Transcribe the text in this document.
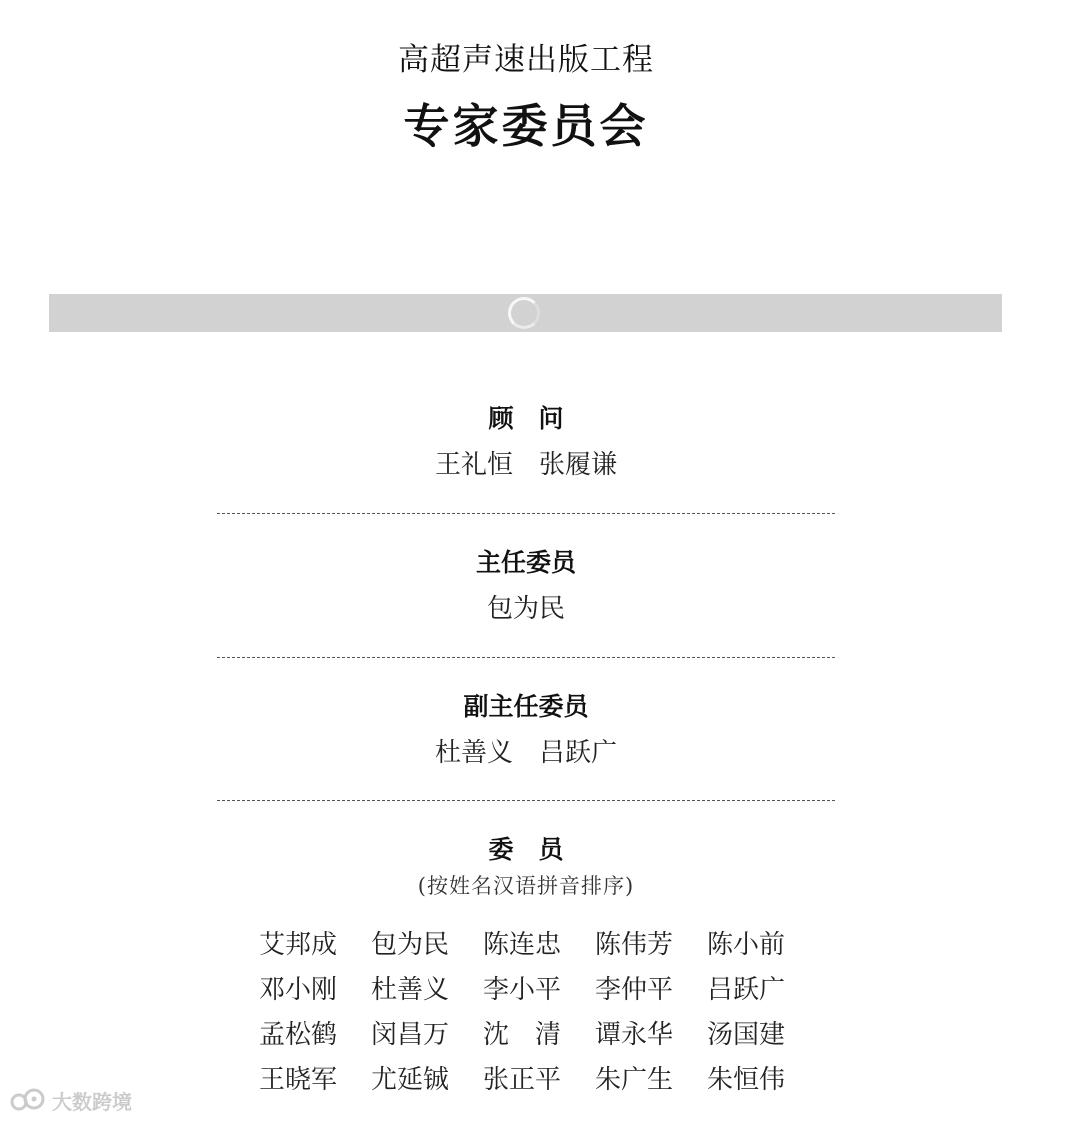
高超声速出版工程
专家委员会
顾　问
王礼恒　张履谦
主任委员
包为民
副主任委员
杜善义　吕跃广
委　员
(按姓名汉语拼音排序)
艾邦成	包为民	陈连忠	陈伟芳	陈小前
邓小刚	杜善义	李小平	李仲平	吕跃广
孟松鹤	闵昌万	沈　清	谭永华	汤国建
王晓军	尤延铖	张正平	朱广生	朱恒伟
大数跨境
